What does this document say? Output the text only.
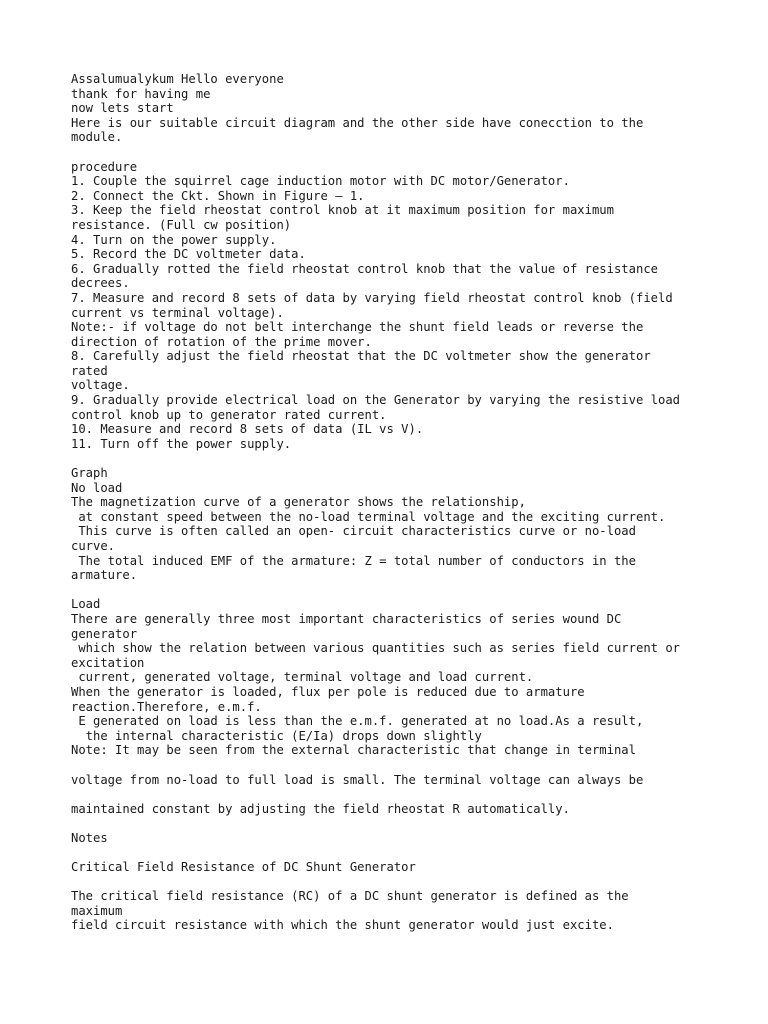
Assalumualykum Hello everyone
thank for having me
now lets start
Here is our suitable circuit diagram and the other side have conecction to the
module.
procedure
1. Couple the squirrel cage induction motor with DC motor/Generator.
2. Connect the Ckt. Shown in Figure – 1.
3. Keep the field rheostat control knob at it maximum position for maximum
resistance. (Full cw position)
4. Turn on the power supply.
5. Record the DC voltmeter data.
6. Gradually rotted the field rheostat control knob that the value of resistance
decrees.
7. Measure and record 8 sets of data by varying field rheostat control knob (field
current vs terminal voltage).
Note:- if voltage do not belt interchange the shunt field leads or reverse the
direction of rotation of the prime mover.
8. Carefully adjust the field rheostat that the DC voltmeter show the generator
rated
voltage.
9. Gradually provide electrical load on the Generator by varying the resistive load
control knob up to generator rated current.
10. Measure and record 8 sets of data (IL vs V).
11. Turn off the power supply.
Graph
No load
The magnetization curve of a generator shows the relationship,
at constant speed between the no-load terminal voltage and the exciting current.
This curve is often called an open- circuit characteristics curve or no-load
curve.
The total induced EMF of the armature: Z = total number of conductors in the
armature.
Load
There are generally three most important characteristics of series wound DC
generator
which show the relation between various quantities such as series field current or
excitation
current, generated voltage, terminal voltage and load current.
When the generator is loaded, flux per pole is reduced due to armature
reaction.Therefore, e.m.f.
E generated on load is less than the e.m.f. generated at no load.As a result,
the internal characteristic (E/Ia) drops down slightly
Note: It may be seen from the external characteristic that change in terminal
voltage from no-load to full load is small. The terminal voltage can always be
maintained constant by adjusting the field rheostat R automatically.
Notes
Critical Field Resistance of DC Shunt Generator
The critical field resistance (RC) of a DC shunt generator is defined as the
maximum
field circuit resistance with which the shunt generator would just excite.
